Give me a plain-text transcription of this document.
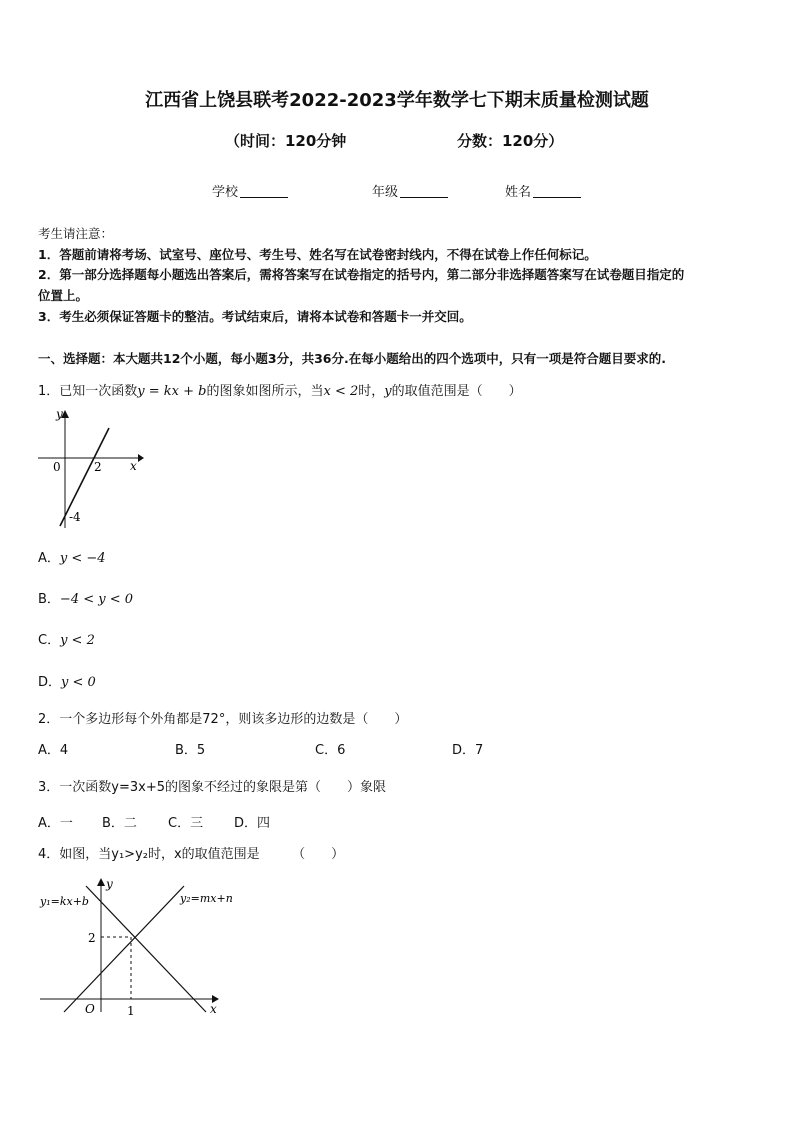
江西省上饶县联考2022-2023学年数学七下期末质量检测试题
（时间：120分钟	分数：120分）
学校	年级	姓名
考生请注意：
1．答题前请将考场、试室号、座位号、考生号、姓名写在试卷密封线内，不得在试卷上作任何标记。
2．第一部分选择题每小题选出答案后，需将答案写在试卷指定的括号内，第二部分非选择题答案写在试卷题目指定的
位置上。
3．考生必须保证答题卡的整洁。考试结束后，请将本试卷和答题卡一并交回。
一、选择题：本大题共12个小题，每小题3分，共36分.在每小题给出的四个选项中，只有一项是符合题目要求的.
1．已知一次函数y = kx + b的图象如图所示，当x < 2时，y的取值范围是（　　）
y
x
0	2
-4
A．y < −4
B．−4 < y < 0
C．y < 2
D．y < 0
2．一个多边形每个外角都是72°，则该多边形的边数是（　　）
A．4	B．5	C．6	D．7
3．一次函数y=3x+5的图象不经过的象限是第（　　）象限
A．一 B．二 C．三 D．四
4．如图，当y₁>y₂时，x的取值范围是　　　（　　）
y₁=kx+b	y₂=mx+n
y
x
O
2
1
